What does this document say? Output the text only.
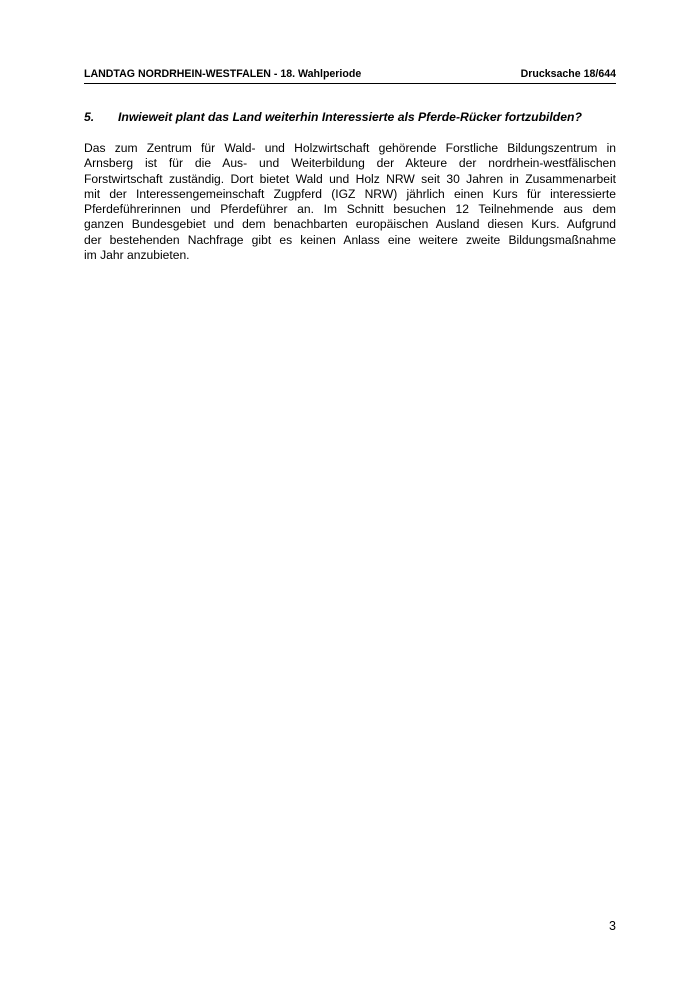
LANDTAG NORDRHEIN-WESTFALEN - 18. Wahlperiode	Drucksache 18/644
5. Inwieweit plant das Land weiterhin Interessierte als Pferde-Rücker fortzubilden?
Das zum Zentrum für Wald- und Holzwirtschaft gehörende Forstliche Bildungszentrum in
Arnsberg ist für die Aus- und Weiterbildung der Akteure der nordrhein-westfälischen
Forstwirtschaft zuständig. Dort bietet Wald und Holz NRW seit 30 Jahren in Zusammenarbeit
mit der Interessengemeinschaft Zugpferd (IGZ NRW) jährlich einen Kurs für interessierte
Pferdeführerinnen und Pferdeführer an. Im Schnitt besuchen 12 Teilnehmende aus dem
ganzen Bundesgebiet und dem benachbarten europäischen Ausland diesen Kurs. Aufgrund
der bestehenden Nachfrage gibt es keinen Anlass eine weitere zweite Bildungsmaßnahme
im Jahr anzubieten.
3
